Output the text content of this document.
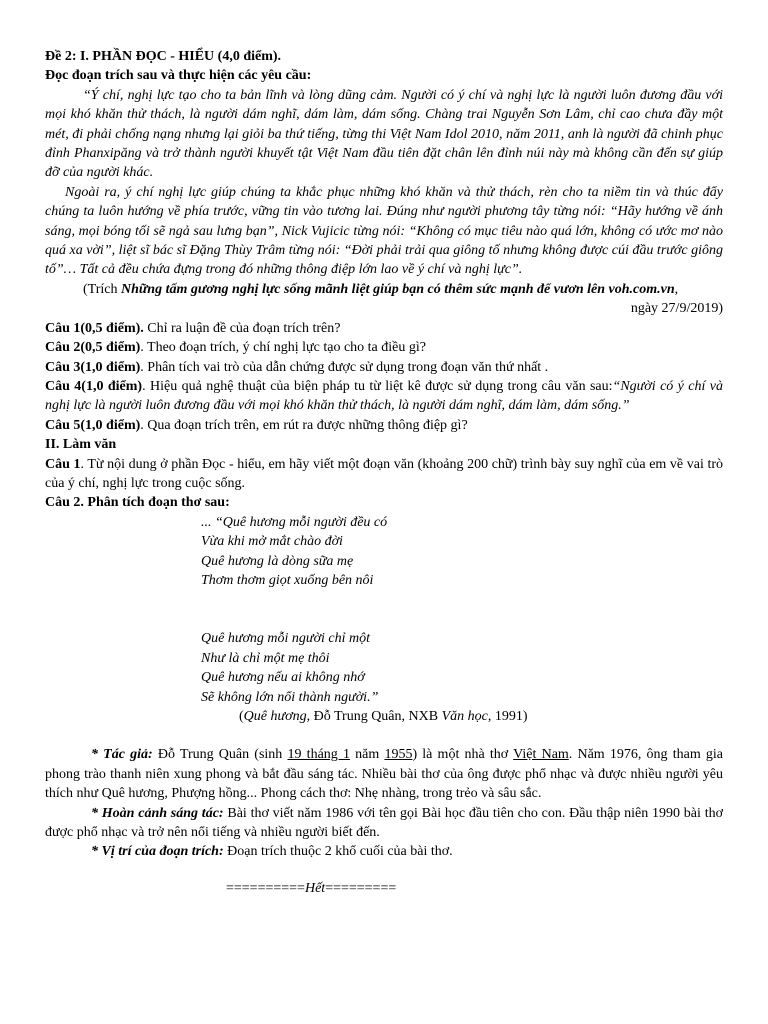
Đề 2: I. PHẦN ĐỌC - HIỂU (4,0 điểm).

Đọc đoạn trích sau và thực hiện các yêu cầu:

“Ý chí, nghị lực tạo cho ta bản lĩnh và lòng dũng cảm. Người có ý chí và nghị lực là người luôn đương đầu với mọi khó khăn thử thách, là người dám nghĩ, dám làm, dám sống. Chàng trai Nguyễn Sơn Lâm, chỉ cao chưa đầy một mét, đi phải chống nạng nhưng lại giỏi ba thứ tiếng, từng thi Việt Nam Idol 2010, năm 2011, anh là người đã chinh phục đỉnh Phanxipăng và trở thành người khuyết tật Việt Nam đầu tiên đặt chân lên đỉnh núi này mà không cần đến sự giúp đỡ của người khác.

Ngoài ra, ý chí nghị lực giúp chúng ta khắc phục những khó khăn và thử thách, rèn cho ta niềm tin và thúc đẩy chúng ta luôn hướng về phía trước, vững tin vào tương lai. Đúng như người phương tây từng nói: “Hãy hướng về ánh sáng, mọi bóng tối sẽ ngả sau lưng bạn”, Nick Vujicic từng nói: “Không có mục tiêu nào quá lớn, không có ước mơ nào quá xa vời”, liệt sĩ bác sĩ Đặng Thùy Trâm từng nói: “Đời phải trải qua giông tố nhưng không được cúi đầu trước giông tố”… Tất cả đều chứa đựng trong đó những thông điệp lớn lao về ý chí và nghị lực”.

(Trích Những tấm gương nghị lực sống mãnh liệt giúp bạn có thêm sức mạnh để vươn lên voh.com.vn,

ngày 27/9/2019)

Câu 1(0,5 điểm). Chỉ ra luận đề của đoạn trích trên?

Câu 2(0,5 điểm). Theo đoạn trích, ý chí nghị lực tạo cho ta điều gì?

Câu 3(1,0 điểm). Phân tích vai trò của dẫn chứng được sử dụng trong đoạn văn thứ nhất .

Câu 4(1,0 điểm). Hiệu quả nghệ thuật của biện pháp tu từ liệt kê được sử dụng trong câu văn sau:“Người có ý chí và nghị lực là người luôn đương đầu với mọi khó khăn thử thách, là người dám nghĩ, dám làm, dám sống.”

Câu 5(1,0 điểm). Qua đoạn trích trên, em rút ra được những thông điệp gì?

II. Làm văn

Câu 1. Từ nội dung ở phần Đọc - hiểu, em hãy viết một đoạn văn (khoảng 200 chữ) trình bày suy nghĩ của em về vai trò của ý chí, nghị lực trong cuộc sống.

Câu 2. Phân tích đoạn thơ sau:

... “Quê hương mỗi người đều có

Vừa khi mở mắt chào đời

Quê hương là dòng sữa mẹ

Thơm thơm giọt xuống bên nôi

Quê hương mỗi người chỉ một

Như là chỉ một mẹ thôi

Quê hương nếu ai không nhớ

Sẽ không lớn nổi thành người.”

(Quê hương, Đỗ Trung Quân, NXB Văn học, 1991)

* Tác giả: Đỗ Trung Quân (sinh 19 tháng 1 năm 1955) là một nhà thơ Việt Nam. Năm 1976, ông tham gia phong trào thanh niên xung phong và bắt đầu sáng tác. Nhiều bài thơ của ông được phổ nhạc và được nhiều người yêu thích như Quê hương, Phượng hồng... Phong cách thơ: Nhẹ nhàng, trong trẻo và sâu sắc.

* Hoàn cảnh sáng tác: Bài thơ viết năm 1986 với tên gọi Bài học đầu tiên cho con. Đầu thập niên 1990 bài thơ được phổ nhạc và trở nên nổi tiếng và nhiều người biết đến.

* Vị trí của đoạn trích: Đoạn trích thuộc 2 khổ cuối của bài thơ.

==========Hết=========
